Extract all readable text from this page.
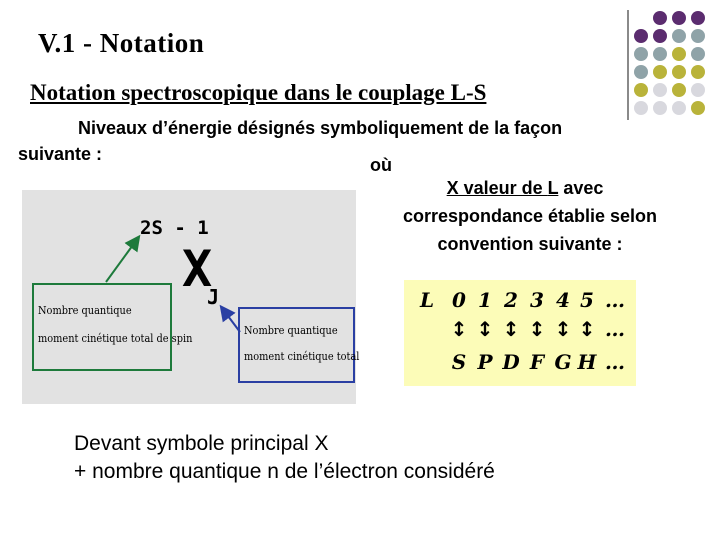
V.1 - Notation
Notation spectroscopique dans le couplage L-S
Niveaux d’énergie désignés symboliquement de la façon
suivante :
où
X valeur de L avec
correspondance établie selon
convention suivante :
2S - 1
X
J
Nombre quantique
moment cinétique total de spin
Nombre quantique
moment cinétique total
L 0 1 2 3 4 5 …
↕ ↕ ↕ ↕ ↕ ↕ …
S P D F G H …
Devant symbole principal X
+ nombre quantique n de l’électron considéré
